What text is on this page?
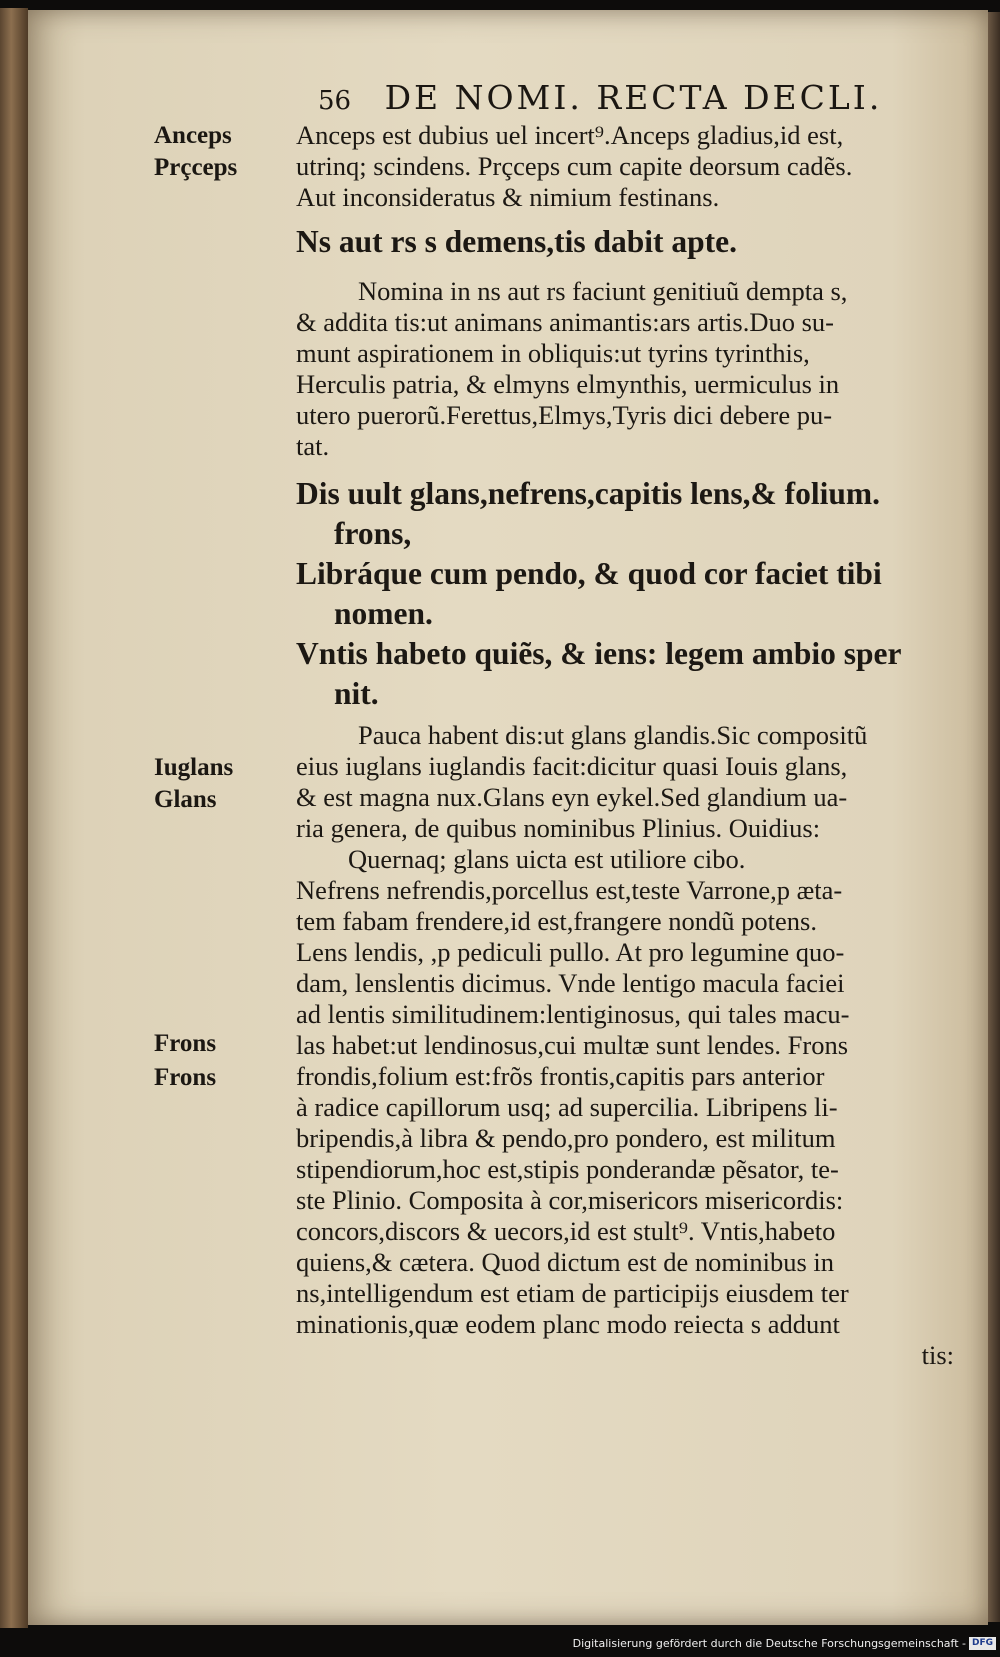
56 DE NOMI. RECTA DECLI.
Anceps
Prçceps
Iuglans
Glans
Frons
Frons

Anceps est dubius uel incert⁹.Anceps gladius,id est,

utrinq; scindens. Prçceps cum capite deorsum cadẽs.

Aut inconsideratus & nimium festinans.

Ns aut rs s demens,tis dabit apte.

Nomina in ns aut rs faciunt genitiuũ dempta s,

& addita tis:ut animans animantis:ars artis.Duo su-

munt aspirationem in obliquis:ut tyrins tyrinthis,

Herculis patria, & elmyns elmynthis, uermiculus in

utero puerorũ.Ferettus,Elmys,Tyris dici debere pu-

tat.

Dis uult glans,nefrens,capitis lens,& folium.
frons,
Libráque cum pendo, & quod cor faciet tibi
nomen.
Vntis habeto quiẽs, & iens: legem ambio sper
nit.

Pauca habent dis:ut glans glandis.Sic compositũ

eius iuglans iuglandis facit:dicitur quasi Iouis glans,

& est magna nux.Glans eyn eykel.Sed glandium ua-

ria genera, de quibus nominibus Plinius. Ouidius:

Quernaq; glans uicta est utiliore cibo.

Nefrens nefrendis,porcellus est,teste Varrone,p æta-

tem fabam frendere,id est,frangere nondũ potens.

Lens lendis, ,p pediculi pullo. At pro legumine quo-

dam, lenslentis dicimus. Vnde lentigo macula faciei

ad lentis similitudinem:lentiginosus, qui tales macu-

las habet:ut lendinosus,cui multæ sunt lendes. Frons

frondis,folium est:frõs frontis,capitis pars anterior

à radice capillorum usq; ad supercilia. Libripens li-

bripendis,à libra & pendo,pro pondero, est militum

stipendiorum,hoc est,stipis ponderandæ pẽsator, te-

ste Plinio. Composita à cor,misericors misericordis:

concors,discors & uecors,id est stult⁹. Vntis,habeto

quiens,& cætera. Quod dictum est de nominibus in

ns,intelligendum est etiam de participijs eiusdem ter

minationis,quæ eodem planc modo reiecta s addunt

tis:

Digitalisierung gefördert durch die Deutsche Forschungsgemeinschaft - DFG
